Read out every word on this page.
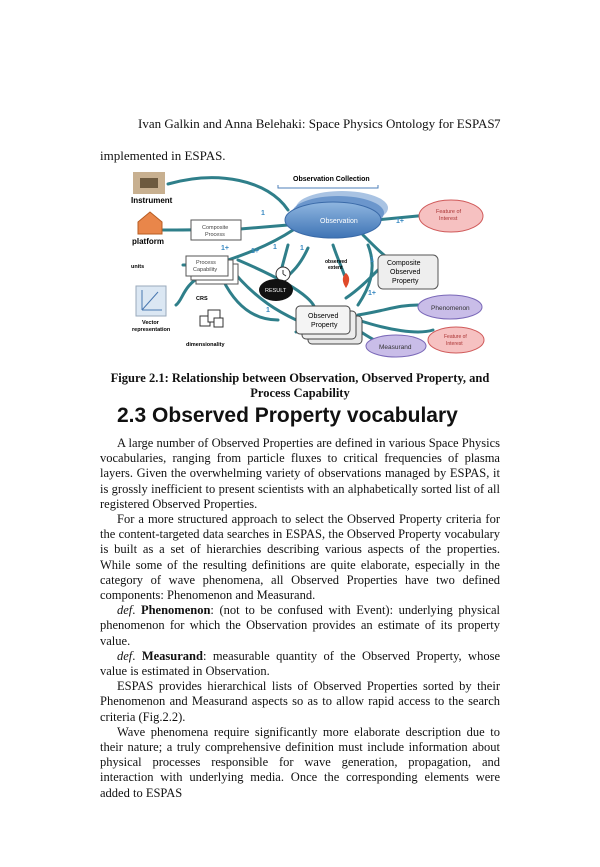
Ivan Galkin and Anna Belehaki: Space Physics Ontology for ESPAS 7
implemented in ESPAS.
Observation Collection
Observation
Instrument
platform
Composite
Process
Process
Capability
units
Vector
representation
CRS
dimensionality
RESULT
observed
extent
Feature of
Interest
Composite
Observed
Property
Observed
Property
Phenomenon
Measurand
Feature of
Interest
1
1+
1+	1+
1	1
1
1+
1
Figure 2.1: Relationship between Observation, Observed Property, and
Process Capability
2.3 Observed Property vocabulary

A large number of Observed Properties are defined in various Space Physics vocabularies, ranging from particle fluxes to critical frequencies of plasma layers. Given the overwhelming variety of observations managed by ESPAS, it is grossly inefficient to present scientists with an alphabetically sorted list of all registered Observed Properties.

For a more structured approach to select the Observed Property criteria for the content-targeted data searches in ESPAS, the Observed Property vocabulary is built as a set of hierarchies describing various aspects of the properties. While some of the resulting definitions are quite elaborate, especially in the category of wave phenomena, all Observed Properties have two defined components: Phenomenon and Measurand.

def. Phenomenon: (not to be confused with Event): underlying physical phenomenon for which the Observation provides an estimate of its property value.

def. Measurand: measurable quantity of the Observed Property, whose value is estimated in Observation.

ESPAS provides hierarchical lists of Observed Properties sorted by their Phenomenon and Measurand aspects so as to allow rapid access to the search criteria (Fig.2.2).

Wave phenomena require significantly more elaborate description due to their nature; a truly comprehensive definition must include information about physical processes responsible for wave generation, propagation, and interaction with underlying media. Once the corresponding elements were added to ESPAS
